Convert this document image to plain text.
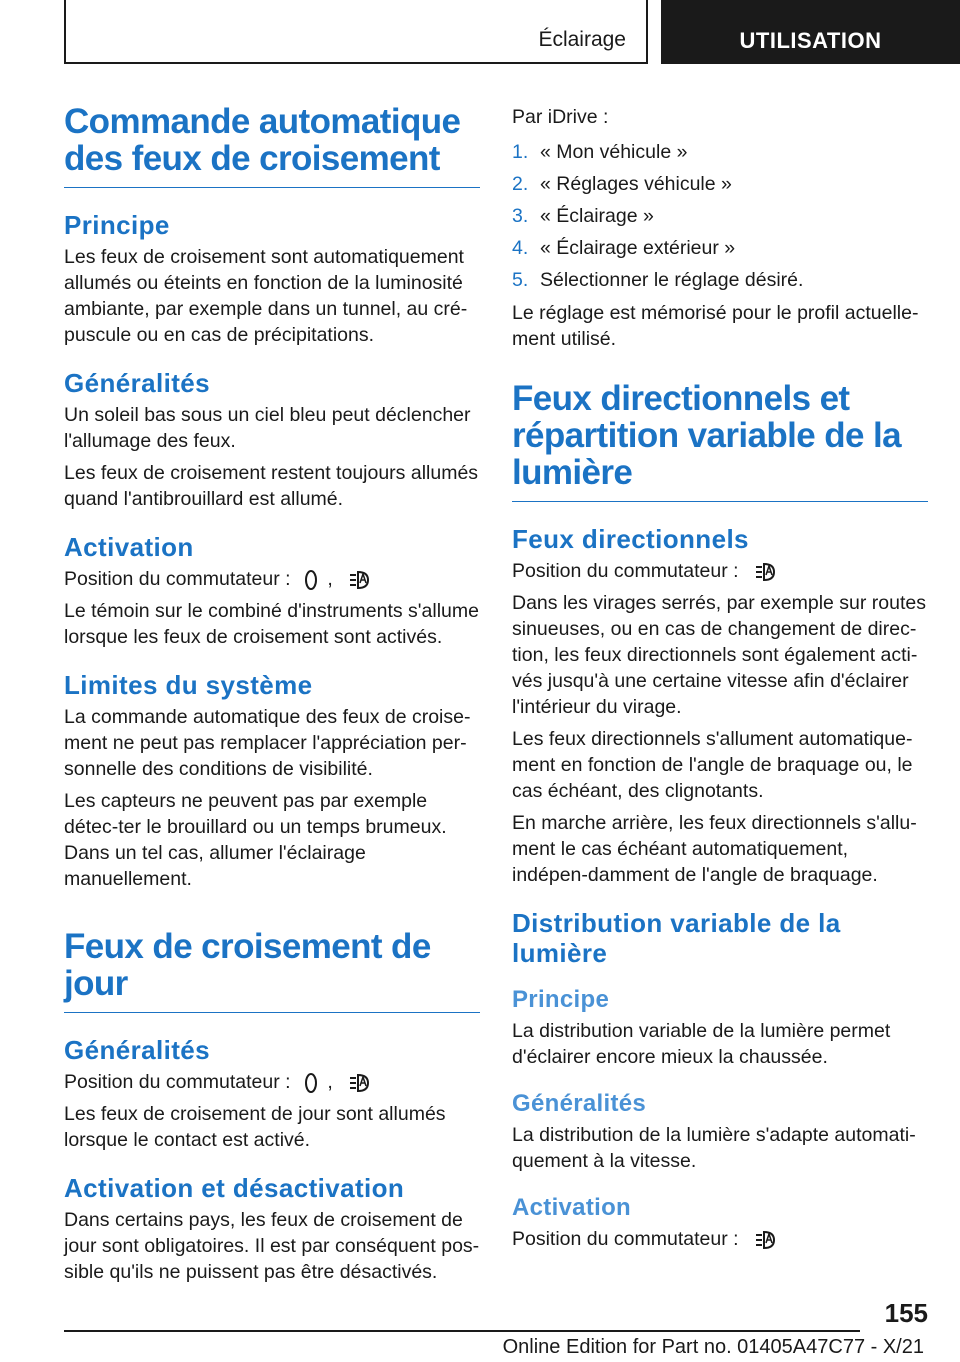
Éclairage	UTILISATION
Commande automatique des feux de croisement
Principe

Les feux de croisement sont automatiquement allumés ou éteints en fonction de la luminosité ambiante, par exemple dans un tunnel, au cré-puscule ou en cas de précipitations.

Généralités

Un soleil bas sous un ciel bleu peut déclencher l'allumage des feux.

Les feux de croisement restent toujours allumés quand l'antibrouillard est allumé.

Activation

Position du commutateur : ,

Le témoin sur le combiné d'instruments s'allume lorsque les feux de croisement sont activés.

Limites du système

La commande automatique des feux de croise-ment ne peut pas remplacer l'appréciation per-sonnelle des conditions de visibilité.

Les capteurs ne peuvent pas par exemple détec-ter le brouillard ou un temps brumeux. Dans un tel cas, allumer l'éclairage manuellement.

Feux de croisement de jour
Généralités

Position du commutateur : ,

Les feux de croisement de jour sont allumés lorsque le contact est activé.

Activation et désactivation

Dans certains pays, les feux de croisement de jour sont obligatoires. Il est par conséquent pos-sible qu'ils ne puissent pas être désactivés.

Par iDrive :

1. « Mon véhicule »
2. « Réglages véhicule »
3. « Éclairage »
4. « Éclairage extérieur »
5. Sélectionner le réglage désiré.

Le réglage est mémorisé pour le profil actuelle-ment utilisé.

Feux directionnels et répartition variable de la lumière
Feux directionnels

Position du commutateur :

Dans les virages serrés, par exemple sur routes sinueuses, ou en cas de changement de direc-tion, les feux directionnels sont également acti-vés jusqu'à une certaine vitesse afin d'éclairer l'intérieur du virage.

Les feux directionnels s'allument automatique-ment en fonction de l'angle de braquage ou, le cas échéant, des clignotants.

En marche arrière, les feux directionnels s'allu-ment le cas échéant automatiquement, indépen-damment de l'angle de braquage.

Distribution variable de la lumière
Principe

La distribution variable de la lumière permet d'éclairer encore mieux la chaussée.

Généralités

La distribution de la lumière s'adapte automati-quement à la vitesse.

Activation

Position du commutateur :

155
Online Edition for Part no. 01405A47C77 - X/21
